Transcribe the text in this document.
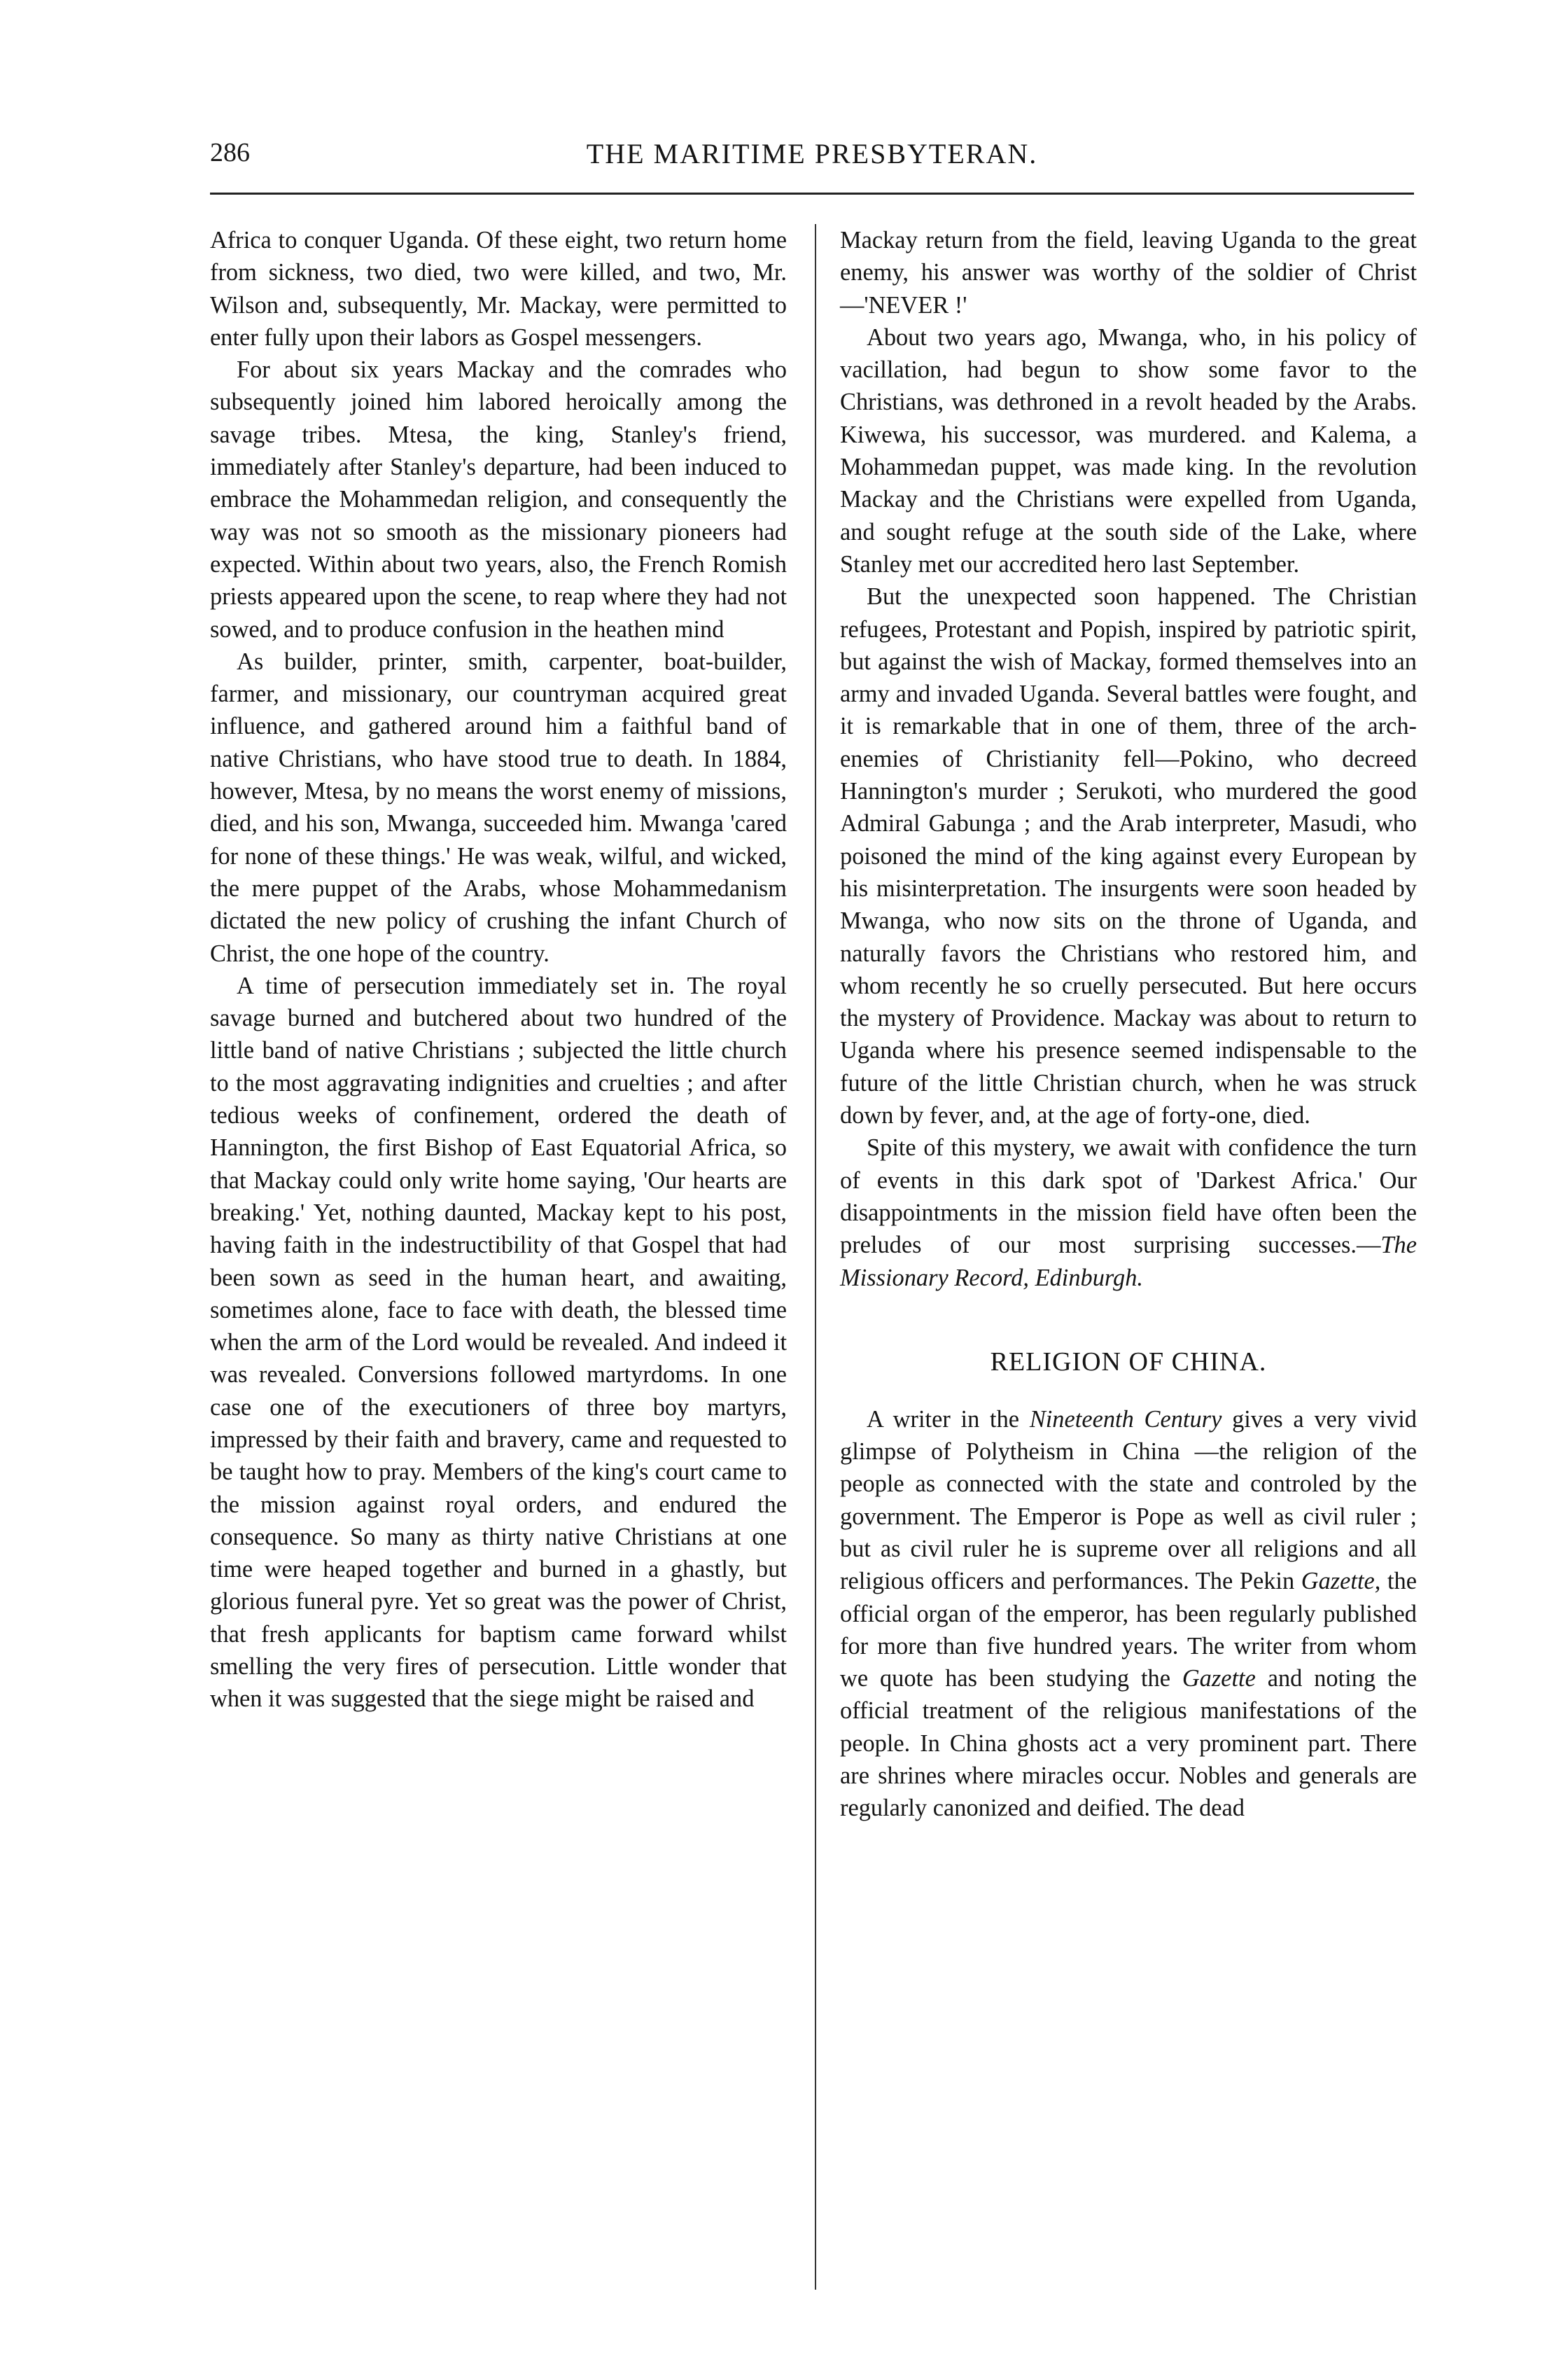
286	THE MARITIME PRESBYTERAN.

Africa to conquer Uganda. Of these eight, two return home from sickness, two died, two were killed, and two, Mr. Wilson and, subsequently, Mr. Mackay, were permitted to enter fully upon their labors as Gospel messengers.

For about six years Mackay and the comrades who subsequently joined him labored heroically among the savage tribes. Mtesa, the king, Stanley's friend, immediately after Stanley's departure, had been induced to embrace the Mohammedan religion, and consequently the way was not so smooth as the missionary pioneers had expected. Within about two years, also, the French Romish priests appeared upon the scene, to reap where they had not sowed, and to produce confusion in the heathen mind

As builder, printer, smith, carpenter, boat-builder, farmer, and missionary, our countryman acquired great influence, and gathered around him a faithful band of native Christians, who have stood true to death. In 1884, however, Mtesa, by no means the worst enemy of missions, died, and his son, Mwanga, succeeded him. Mwanga 'cared for none of these things.' He was weak, wilful, and wicked, the mere puppet of the Arabs, whose Mohammedanism dictated the new policy of crushing the infant Church of Christ, the one hope of the country.

A time of persecution immediately set in. The royal savage burned and butchered about two hundred of the little band of native Christians ; subjected the little church to the most aggravating indignities and cruelties ; and after tedious weeks of confinement, ordered the death of Hannington, the first Bishop of East Equatorial Africa, so that Mackay could only write home saying, 'Our hearts are breaking.' Yet, nothing daunted, Mackay kept to his post, having faith in the indestructibility of that Gospel that had been sown as seed in the human heart, and awaiting, sometimes alone, face to face with death, the blessed time when the arm of the Lord would be revealed. And indeed it was revealed. Conversions followed martyrdoms. In one case one of the executioners of three boy martyrs, impressed by their faith and bravery, came and requested to be taught how to pray. Members of the king's court came to the mission against royal orders, and endured the consequence. So many as thirty native Christians at one time were heaped together and burned in a ghastly, but glorious funeral pyre. Yet so great was the power of Christ, that fresh applicants for baptism came forward whilst smelling the very fires of persecution. Little wonder that when it was suggested that the siege might be raised and

Mackay return from the field, leaving Uganda to the great enemy, his answer was worthy of the soldier of Christ—'NEVER !'

About two years ago, Mwanga, who, in his policy of vacillation, had begun to show some favor to the Christians, was dethroned in a revolt headed by the Arabs. Kiwewa, his successor, was murdered. and Kalema, a Mohammedan puppet, was made king. In the revolution Mackay and the Christians were expelled from Uganda, and sought refuge at the south side of the Lake, where Stanley met our accredited hero last September.

But the unexpected soon happened. The Christian refugees, Protestant and Popish, inspired by patriotic spirit, but against the wish of Mackay, formed themselves into an army and invaded Uganda. Several battles were fought, and it is remarkable that in one of them, three of the arch-enemies of Christianity fell—Pokino, who decreed Hannington's murder ; Serukoti, who murdered the good Admiral Gabunga ; and the Arab interpreter, Masudi, who poisoned the mind of the king against every European by his misinterpretation. The insurgents were soon headed by Mwanga, who now sits on the throne of Uganda, and naturally favors the Christians who restored him, and whom recently he so cruelly persecuted. But here occurs the mystery of Providence. Mackay was about to return to Uganda where his presence seemed indispensable to the future of the little Christian church, when he was struck down by fever, and, at the age of forty-one, died.

Spite of this mystery, we await with confidence the turn of events in this dark spot of 'Darkest Africa.' Our disappointments in the mission field have often been the preludes of our most surprising successes.—The Missionary Record, Edinburgh.

RELIGION OF CHINA.

A writer in the Nineteenth Century gives a very vivid glimpse of Polytheism in China —the religion of the people as connected with the state and controled by the government. The Emperor is Pope as well as civil ruler ; but as civil ruler he is supreme over all religions and all religious officers and performances. The Pekin Gazette, the official organ of the emperor, has been regularly published for more than five hundred years. The writer from whom we quote has been studying the Gazette and noting the official treatment of the religious manifestations of the people. In China ghosts act a very prominent part. There are shrines where miracles occur. Nobles and generals are regularly canonized and deified. The dead
